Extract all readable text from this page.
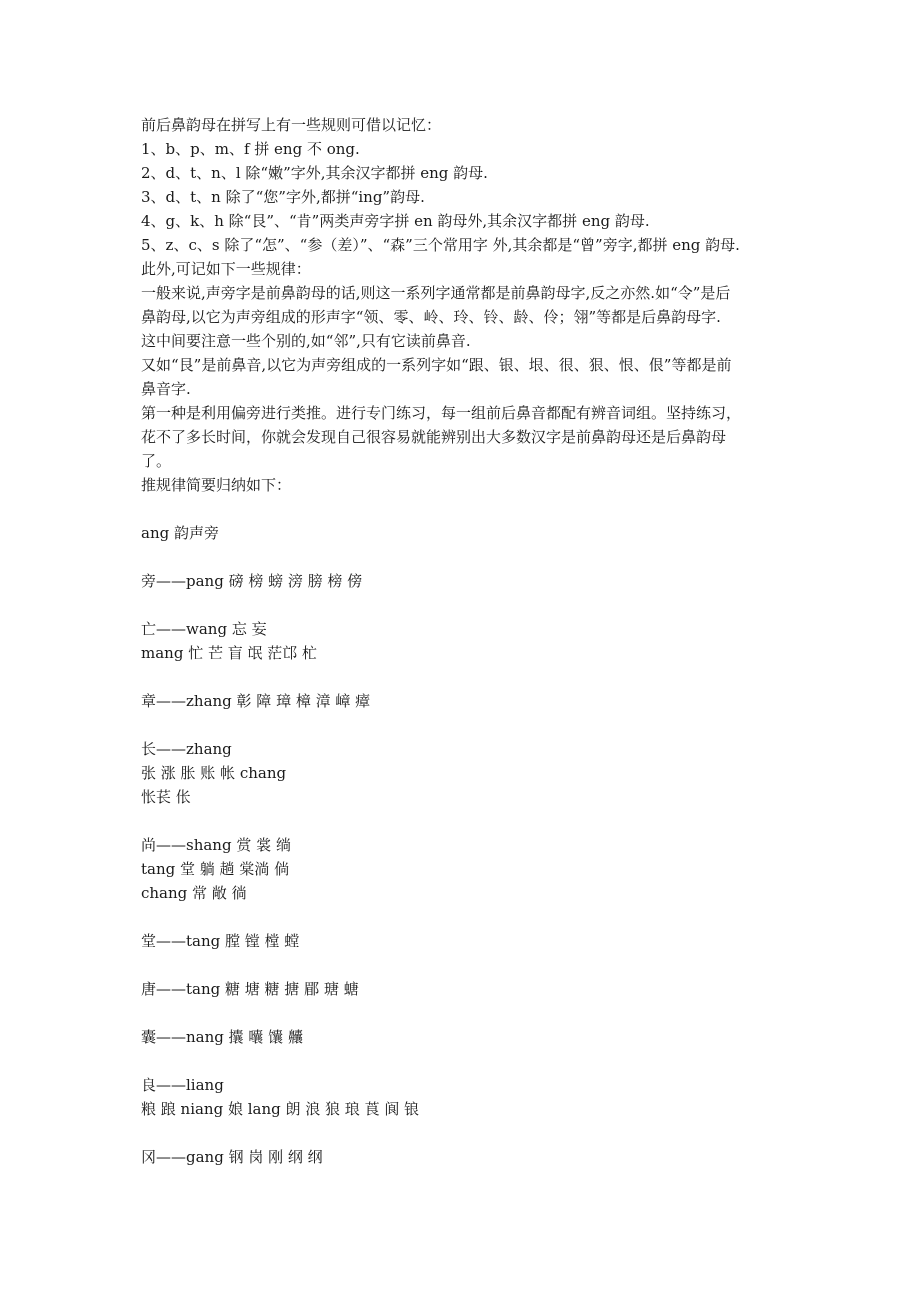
前后鼻韵母在拼写上有一些规则可借以记忆：

1、b、p、m、f 拼 eng 不 ong.

2、d、t、n、l 除“嫩”字外,其余汉字都拼 eng 韵母.

3、d、t、n 除了“您”字外,都拼“ing”韵母.

4、g、k、h 除“艮”、“肯”两类声旁字拼 en 韵母外,其余汉字都拼 eng 韵母.

5、z、c、s 除了“怎”、“参（差）”、“森”三个常用字 外,其余都是“曾”旁字,都拼 eng 韵母.

此外,可记如下一些规律：

一般来说,声旁字是前鼻韵母的话,则这一系列字通常都是前鼻韵母字,反之亦然.如“令”是后

鼻韵母,以它为声旁组成的形声字“领、零、岭、玲、铃、龄、伶；翎”等都是后鼻韵母字.

这中间要注意一些个别的,如“邻”,只有它读前鼻音.

又如“艮”是前鼻音,以它为声旁组成的一系列字如“跟、银、垠、很、狠、恨、佷”等都是前

鼻音字.

第一种是利用偏旁进行类推。进行专门练习，每一组前后鼻音都配有辨音词组。坚持练习，

花不了多长时间，你就会发现自己很容易就能辨别出大多数汉字是前鼻韵母还是后鼻韵母

了。

推规律简要归纳如下：

ang 韵声旁

旁——pang 磅 榜 螃 滂 膀 榜 傍

亡——wang 忘 妄

mang 忙 芒 盲 氓 茫邙 杧

章——zhang 彰 障 璋 樟 漳 嶂 瘴

长——zhang

张 涨 胀 账 帐 chang

怅苌 伥

尚——shang 赏 裳 绱

tang 堂 躺 趟 棠淌 倘

chang 常 敞 徜

堂——tang 膛 镗 樘 螳

唐——tang 糖 塘 糖 搪 郿 瑭 螗

囊——nang 攮 囔 馕 齉

良——liang

粮 踉 niang 娘 lang 朗 浪 狼 琅 莨 阆 锒

冈——gang 钢 岗 刚 纲 纲
